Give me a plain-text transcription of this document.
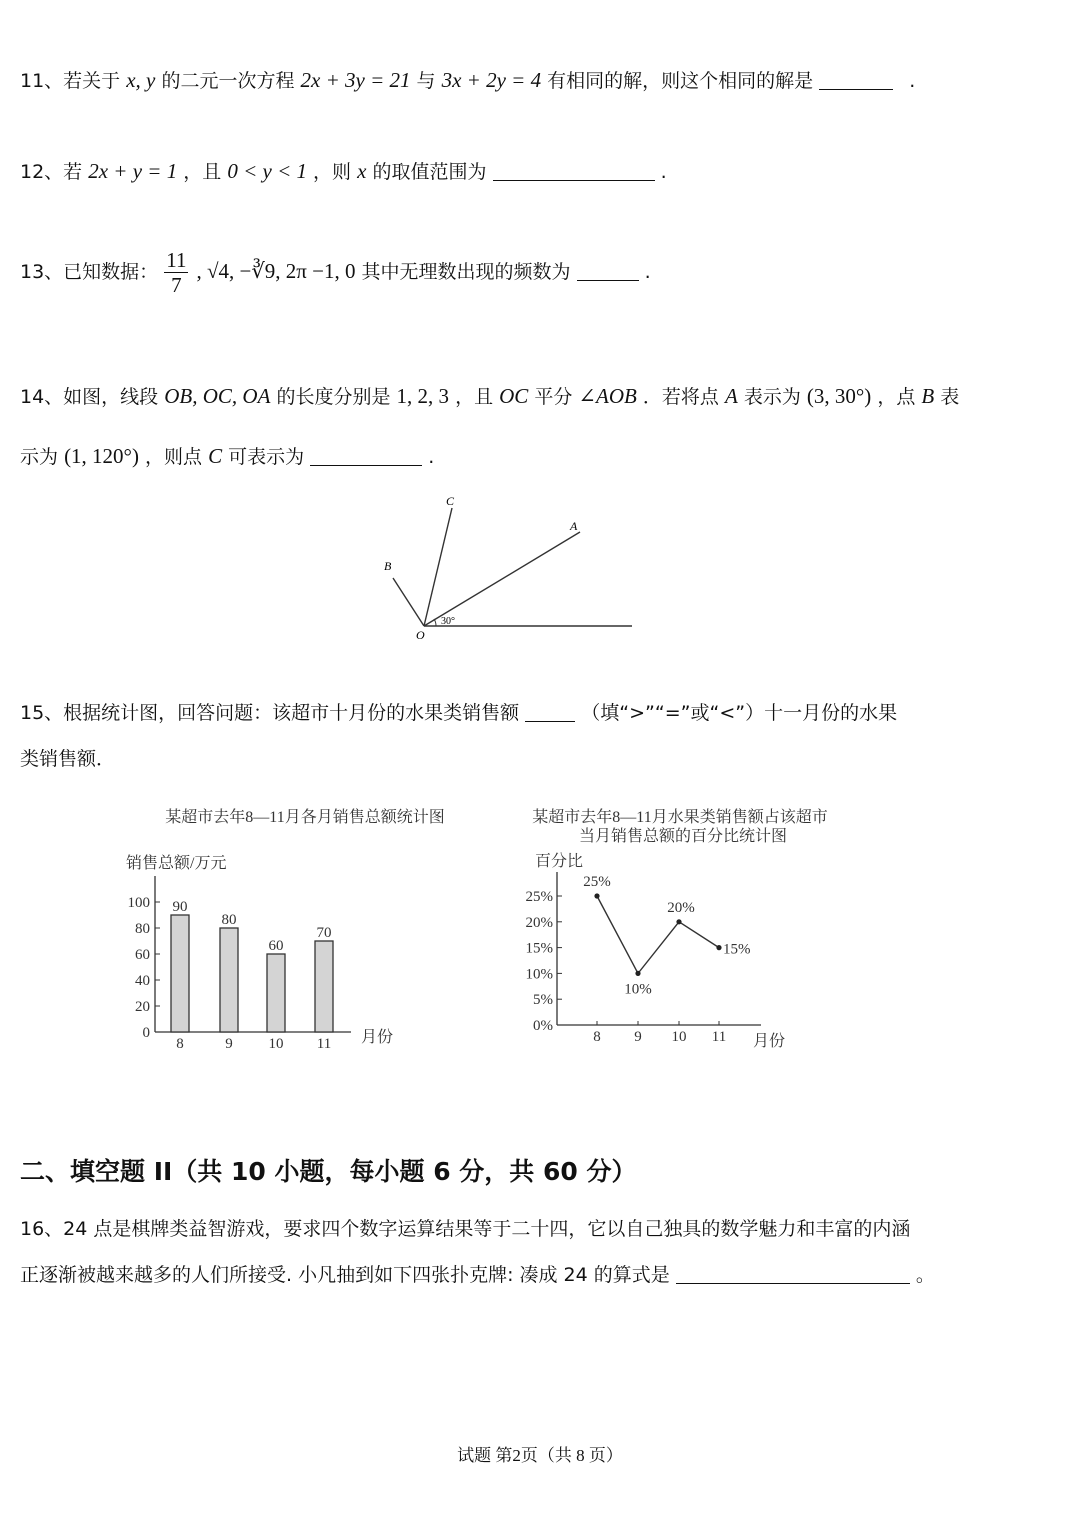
11、若关于 x, y 的二元一次方程 2x + 3y = 21 与 3x + 2y = 4 有相同的解，则这个相同的解是	.
12、若 2x + y = 1 ，且 0 < y < 1 ，则 x 的取值范围为	.
13、已知数据： $\frac{11}{7}$ , √4, −∛9, 2π −1, 0 其中无理数出现的频数为	.
14、如图，线段 OB, OC, OA 的长度分别是 1, 2, 3 ，且 OC 平分 ∠AOB ．若将点 A 表示为 (3, 30°) ，点 B 表
示为 (1, 120°) ，则点 C 可表示为	.
C
A
B
O
30°
15、根据统计图，回答问题：该超市十月份的水果类销售额	（填“>”“=”或“<”）十一月份的水果
类销售额．
某超市去年8—11月各月销售总额统计图
销售总额/万元
月份
0
20
40
60
80
100 90
8
80
9
60
10
70
11
某超市去年8—11月水果类销售额占该超市
当月销售总额的百分比统计图
百分比
月份
0%
5%
10%
15%
20%
25%
25%
8
10%
9
20%
10
15%
11
二、填空题 II（共 10 小题，每小题 6 分，共 60 分）
16、24 点是棋牌类益智游戏，要求四个数字运算结果等于二十四，它以自己独具的数学魅力和丰富的内涵
正逐渐被越来越多的人们所接受. 小凡抽到如下四张扑克牌: 凑成 24 的算式是	。
试题 第2页（共 8 页）
